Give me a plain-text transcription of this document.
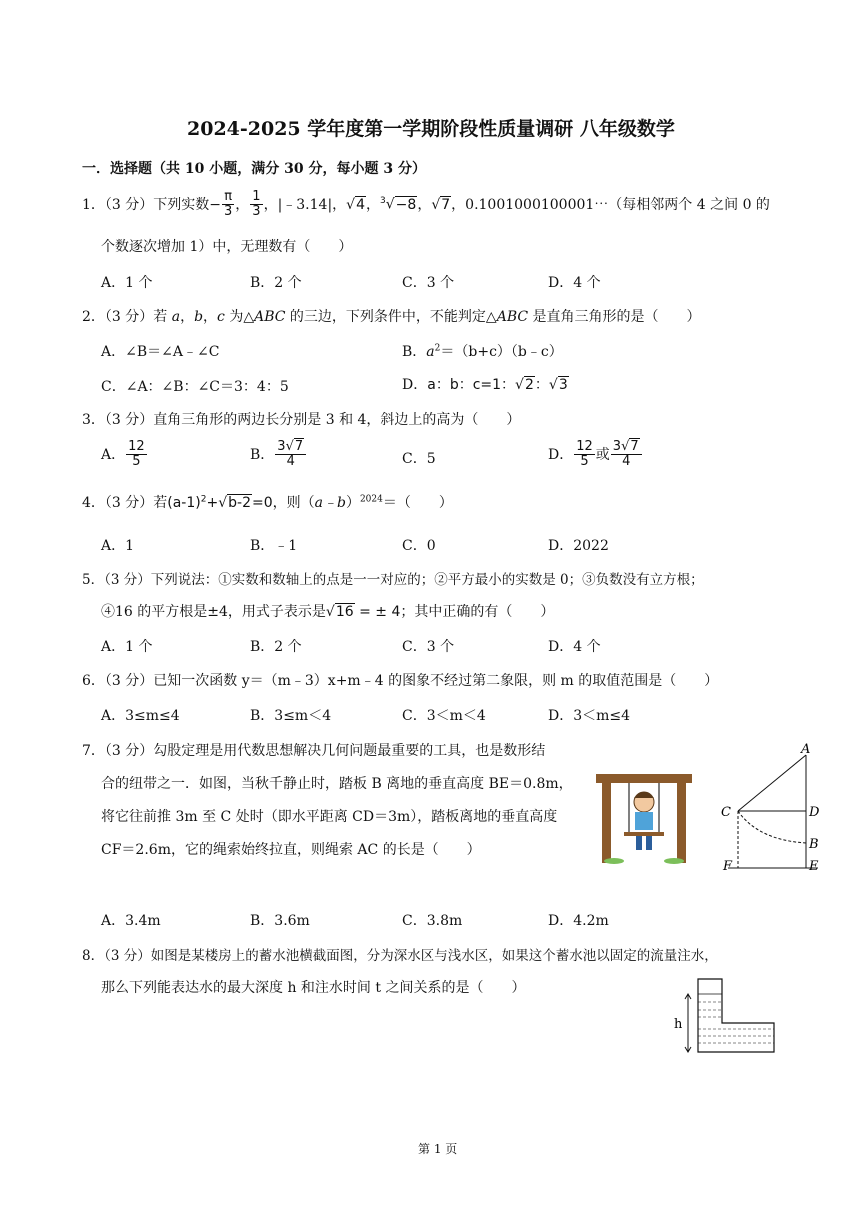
2024-2025 学年度第一学期阶段性质量调研 八年级数学
一．选择题（共 10 小题，满分 30 分，每小题 3 分）
1．（3 分）下列实数− $\frac{\pi}{3}$ ， $\frac{1}{3}$ ，|﹣3.14|，√4，$^3$√−8，√7，0.1001000100001⋯（每相邻两个 4 之间 0 的
个数逐次增加 1）中，无理数有（　　）
A．1 个	B．2 个	C．3 个	D．4 个
2．（3 分）若 a，b，c 为△ABC 的三边，下列条件中，不能判定△ABC 是直角三角形的是（　　）
A．∠B＝∠A﹣∠C	B．$a^2=(b+c)(b﹣c)$
C．∠A：∠B：∠C＝3：4：5	D．a：b：c=1：√2：√3
3．（3 分）直角三角形的两边长分别是 3 和 4，斜边上的高为（　　）
A． $\frac{12}{5}$	B． $\frac{3√7}{4}$	C．5	D． $\frac{12}{5}$ 或 $\frac{3√7}{4}$
4．（3 分）若$(a-1)^2+√b-2=0$，则（a﹣b）$^{2024}$＝（　　）
A．1	B．﹣1	C．0	D．2022
5．（3 分）下列说法：①实数和数轴上的点是一一对应的；②平方最小的实数是 0；③负数没有立方根；
④16 的平方根是±4，用式子表示是√16 = ± 4；其中正确的有（　　）
A．1 个	B．2 个	C．3 个	D．4 个
6．（3 分）已知一次函数 y＝（m﹣3）x+m﹣4 的图象不经过第二象限，则 m 的取值范围是（　　）
A．3≤m≤4	B．3≤m＜4	C．3＜m＜4	D．3＜m≤4
7．（3 分）勾股定理是用代数思想解决几何问题最重要的工具，也是数形结
合的纽带之一．如图，当秋千静止时，踏板 B 离地的垂直高度 BE＝0.8m，
将它往前推 3m 至 C 处时（即水平距离 CD＝3m），踏板离地的垂直高度
CF＝2.6m，它的绳索始终拉直，则绳索 AC 的长是（　　）
A
C	D
B
F	E
A．3.4m	B．3.6m	C．3.8m	D．4.2m
8．（3 分）如图是某楼房上的蓄水池横截面图，分为深水区与浅水区，如果这个蓄水池以固定的流量注水，
那么下列能表达水的最大深度 h 和注水时间 t 之间关系的是（　　）
h
第 1 页
